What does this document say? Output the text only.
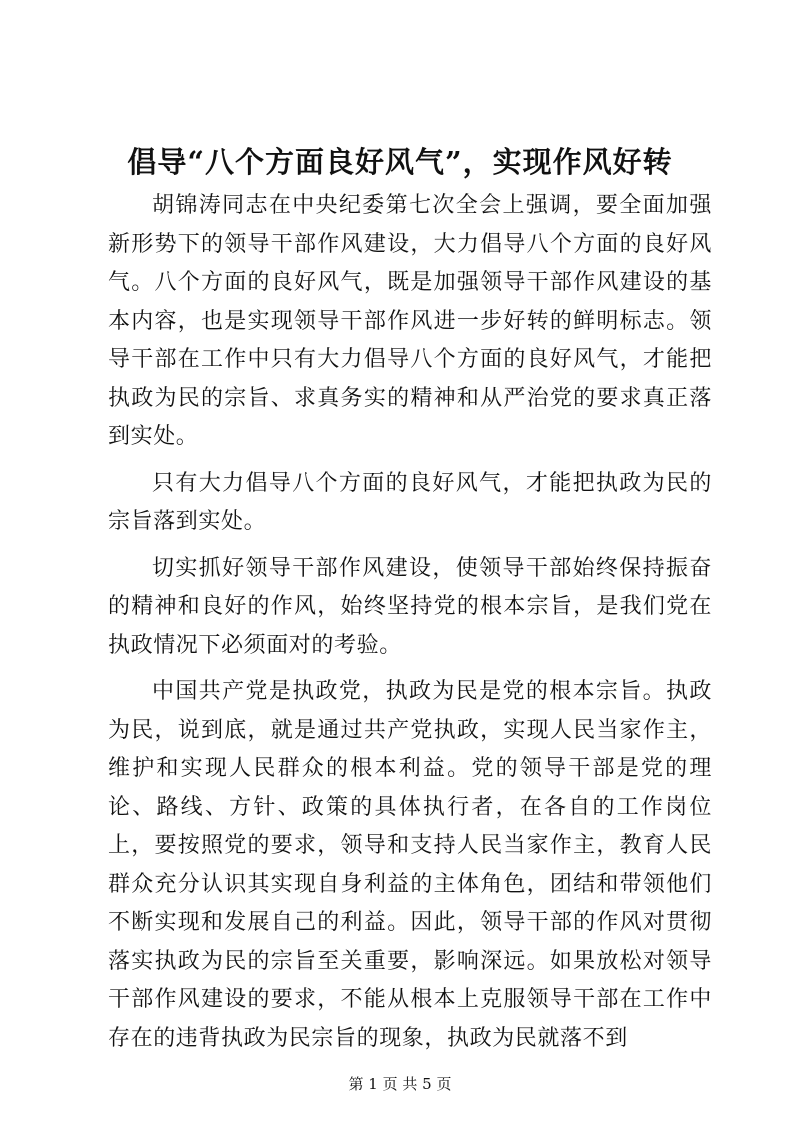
倡导“八个方面良好风气”，实现作风好转

胡锦涛同志在中央纪委第七次全会上强调，要全面加强新形势下的领导干部作风建设，大力倡导八个方面的良好风气。八个方面的良好风气，既是加强领导干部作风建设的基本内容，也是实现领导干部作风进一步好转的鲜明标志。领导干部在工作中只有大力倡导八个方面的良好风气，才能把执政为民的宗旨、求真务实的精神和从严治党的要求真正落到实处。

只有大力倡导八个方面的良好风气，才能把执政为民的宗旨落到实处。

切实抓好领导干部作风建设，使领导干部始终保持振奋的精神和良好的作风，始终坚持党的根本宗旨，是我们党在执政情况下必须面对的考验。

中国共产党是执政党，执政为民是党的根本宗旨。执政为民，说到底，就是通过共产党执政，实现人民当家作主，维护和实现人民群众的根本利益。党的领导干部是党的理论、路线、方针、政策的具体执行者，在各自的工作岗位上，要按照党的要求，领导和支持人民当家作主，教育人民群众充分认识其实现自身利益的主体角色，团结和带领他们不断实现和发展自己的利益。因此，领导干部的作风对贯彻落实执政为民的宗旨至关重要，影响深远。如果放松对领导干部作风建设的要求，不能从根本上克服领导干部在工作中存在的违背执政为民宗旨的现象，执政为民就落不到

第 1 页 共 5 页
